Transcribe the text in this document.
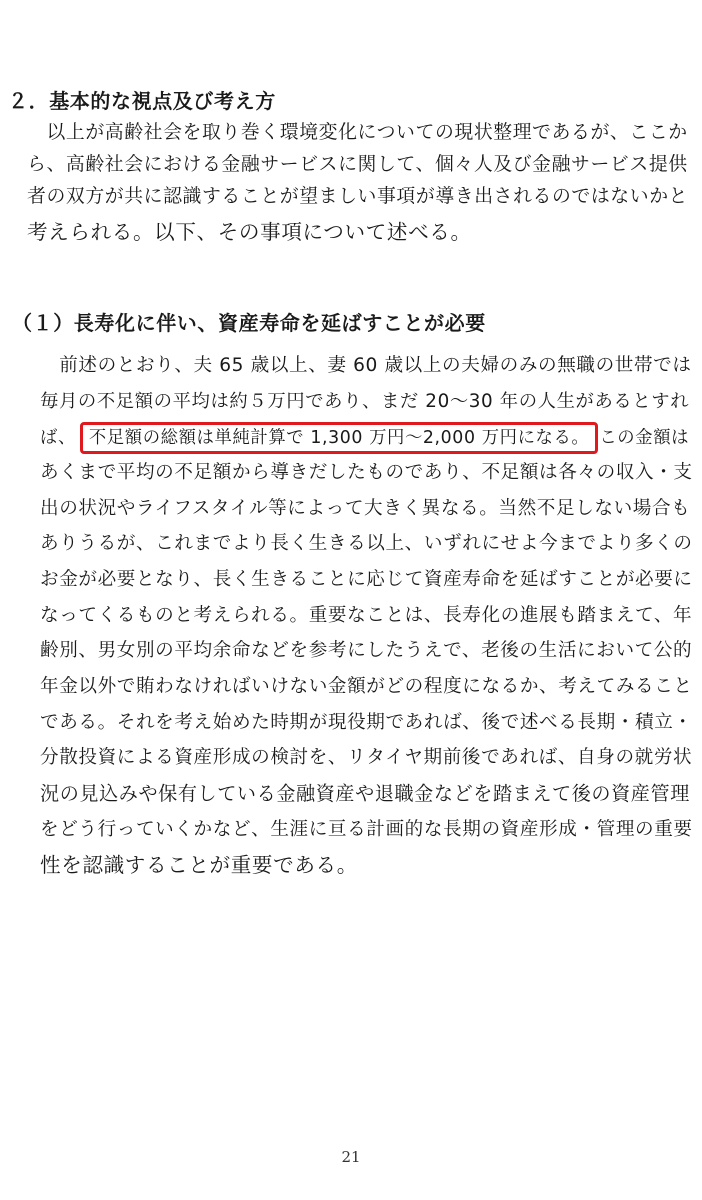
２．基本的な視点及び考え方
　以上が高齢社会を取り巻く環境変化についての現状整理であるが、ここか
ら、高齢社会における金融サービスに関して、個々人及び金融サービス提供
者の双方が共に認識することが望ましい事項が導き出されるのではないかと
考えられる。以下、その事項について述べる。
（１）長寿化に伴い、資産寿命を延ばすことが必要
　前述のとおり、夫 65 歳以上、妻 60 歳以上の夫婦のみの無職の世帯では
毎月の不足額の平均は約５万円であり、まだ 20～30 年の人生があるとすれ
ば、 不足額の総額は単純計算で 1,300 万円～2,000 万円になる。 この金額は
あくまで平均の不足額から導きだしたものであり、不足額は各々の収入・支
出の状況やライフスタイル等によって大きく異なる。当然不足しない場合も
ありうるが、これまでより長く生きる以上、いずれにせよ今までより多くの
お金が必要となり、長く生きることに応じて資産寿命を延ばすことが必要に
なってくるものと考えられる。重要なことは、長寿化の進展も踏まえて、年
齢別、男女別の平均余命などを参考にしたうえで、老後の生活において公的
年金以外で賄わなければいけない金額がどの程度になるか、考えてみること
である。それを考え始めた時期が現役期であれば、後で述べる長期・積立・
分散投資による資産形成の検討を、リタイヤ期前後であれば、自身の就労状
況の見込みや保有している金融資産や退職金などを踏まえて後の資産管理
をどう行っていくかなど、生涯に亘る計画的な長期の資産形成・管理の重要
性を認識することが重要である。
21
